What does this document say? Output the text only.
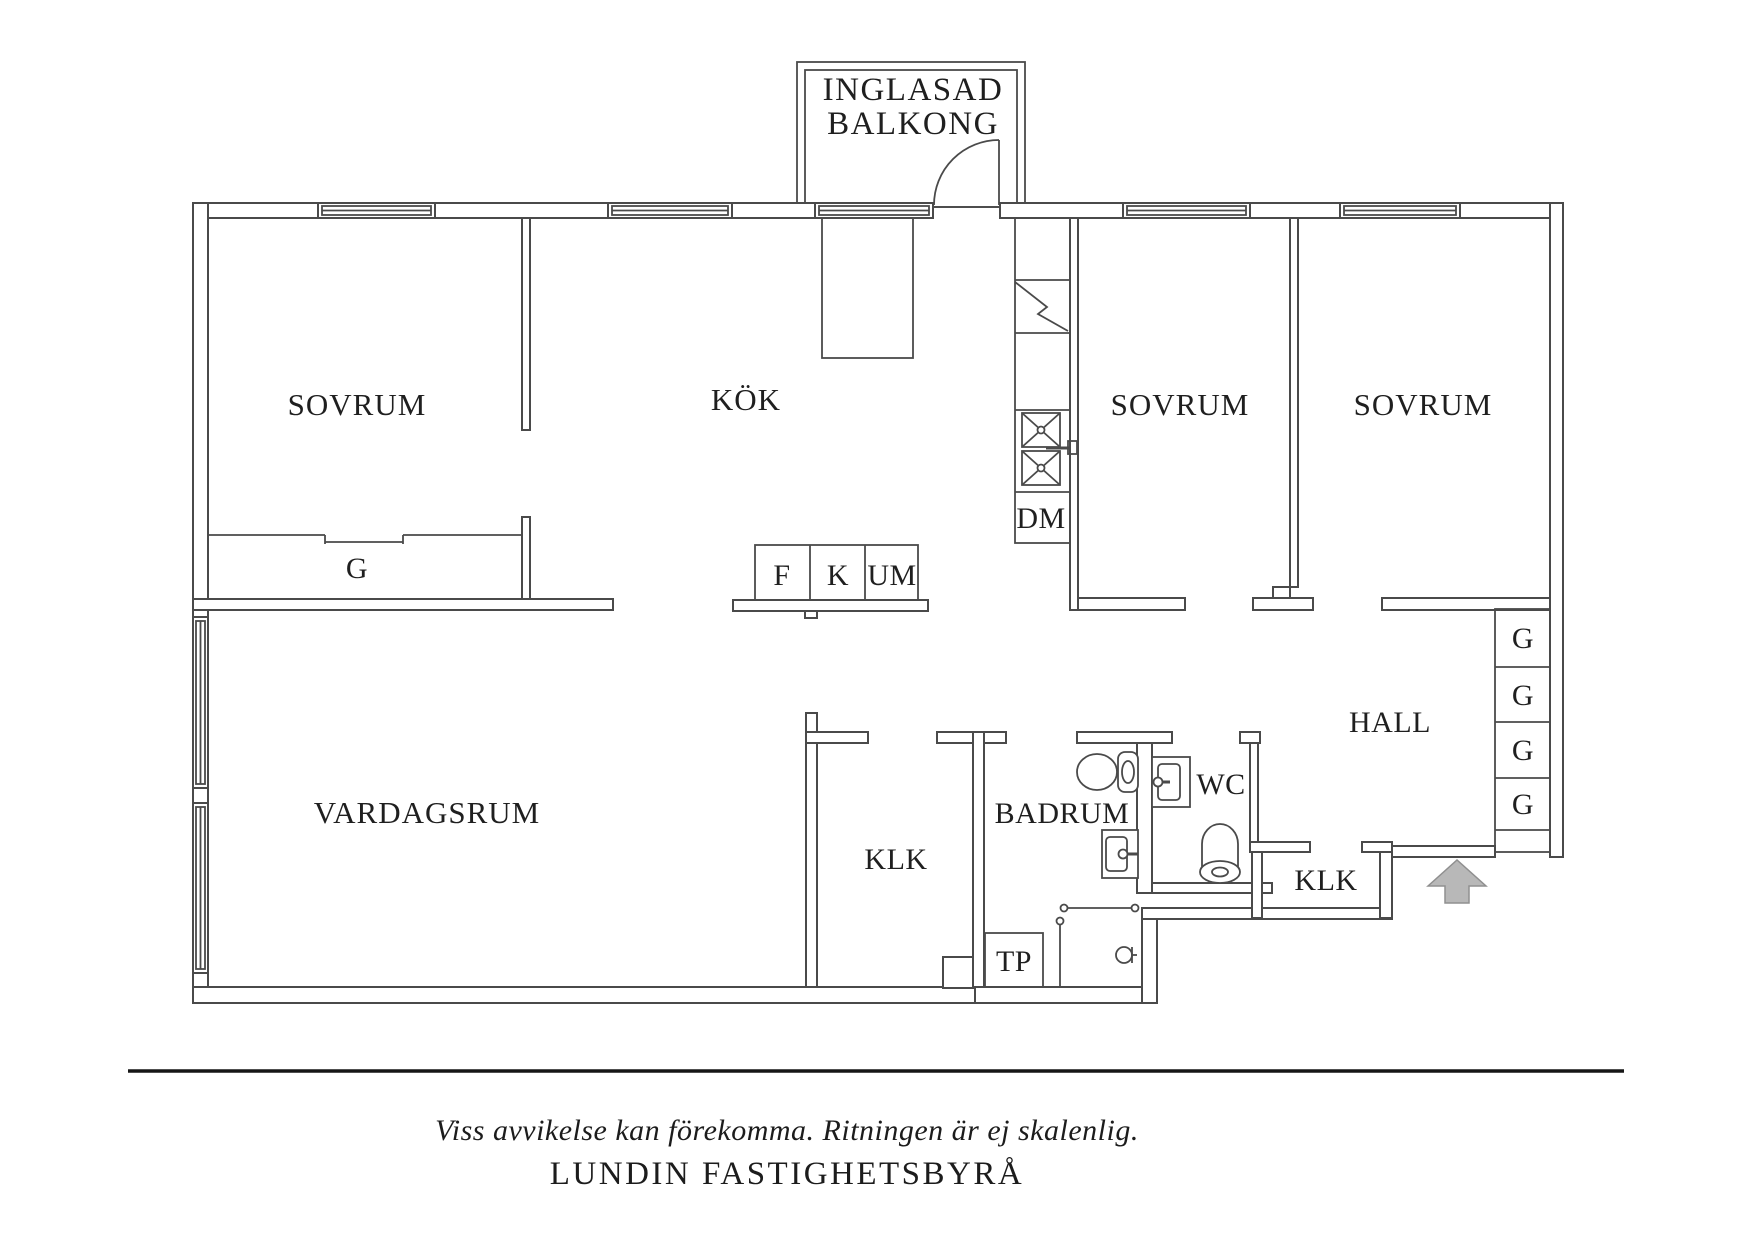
INGLASAD
BALKONG
SOVRUM	KÖK	SOVRUM	SOVRUM
VARDAGSRUM	BADRUM
WC
HALL
KLK
KLK
G	F K UM
DM
TP
G
G
G
G
Viss avvikelse kan förekomma. Ritningen är ej skalenlig.
LUNDIN FASTIGHETSBYRÅ
